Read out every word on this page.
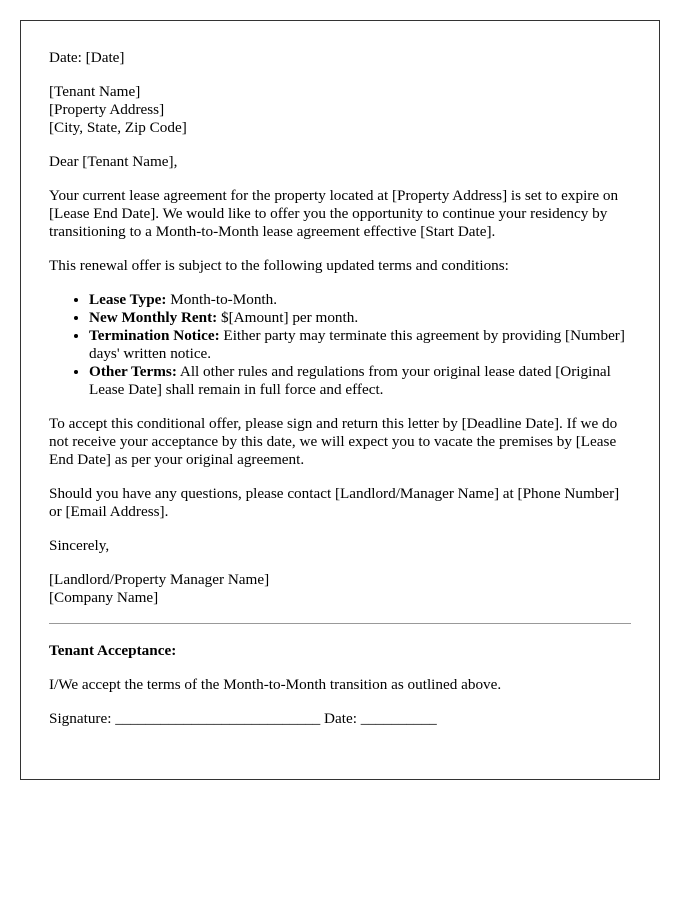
Date: [Date]

[Tenant Name]
[Property Address]
[City, State, Zip Code]

Dear [Tenant Name],

Your current lease agreement for the property located at [Property Address] is set to expire on [Lease End Date]. We would like to offer you the opportunity to continue your residency by transitioning to a Month-to-Month lease agreement effective [Start Date].

This renewal offer is subject to the following updated terms and conditions:

• Lease Type: Month-to-Month.
• New Monthly Rent: $[Amount] per month.
• Termination Notice: Either party may terminate this agreement by providing [Number] days' written notice.
• Other Terms: All other rules and regulations from your original lease dated [Original Lease Date] shall remain in full force and effect.

To accept this conditional offer, please sign and return this letter by [Deadline Date]. If we do not receive your acceptance by this date, we will expect you to vacate the premises by [Lease End Date] as per your original agreement.

Should you have any questions, please contact [Landlord/Manager Name] at [Phone Number] or [Email Address].

Sincerely,

[Landlord/Property Manager Name]
[Company Name]

Tenant Acceptance:

I/We accept the terms of the Month-to-Month transition as outlined above.

Signature: ___________________________ Date: __________
